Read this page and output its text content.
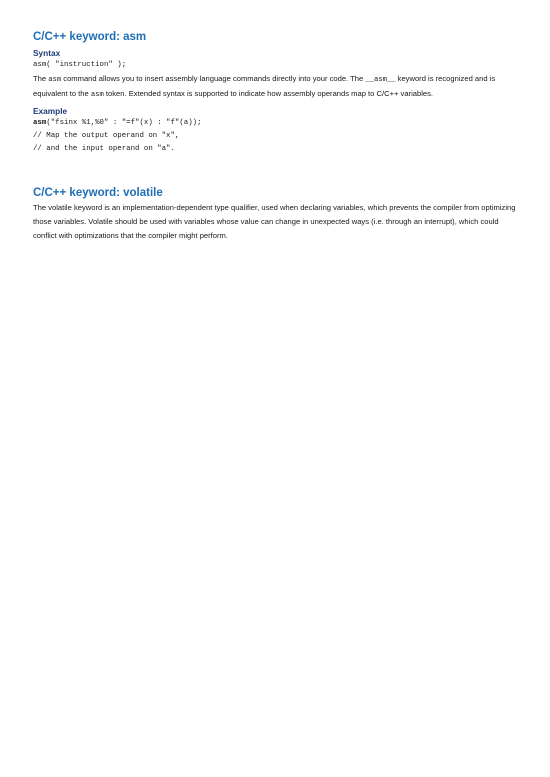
C/C++ keyword: asm
Syntax
asm( "instruction" );

The asm command allows you to insert assembly language commands directly into your code. The __asm__ keyword is recognized and is equivalent to the asm token. Extended syntax is supported to indicate how assembly operands map to C/C++ variables.

Example
asm("fsinx %1,%0" : "=f"(x) : "f"(a));
// Map the output operand on "x",
// and the input operand on "a".
C/C++ keyword: volatile

The volatile keyword is an implementation-dependent type qualifier, used when declaring variables, which prevents the compiler from optimizing those variables. Volatile should be used with variables whose value can change in unexpected ways (i.e. through an interrupt), which could conflict with optimizations that the compiler might perform.
